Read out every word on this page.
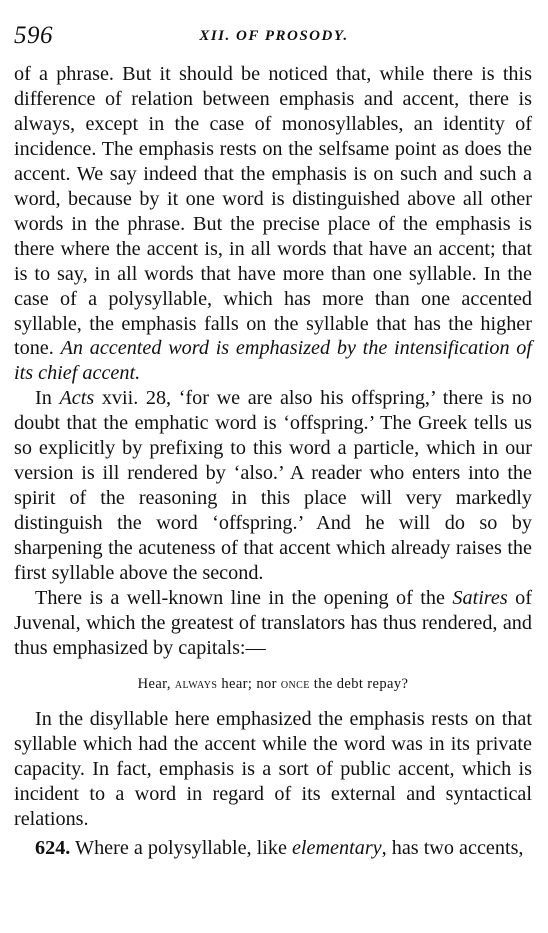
596	XII. OF PROSODY.

of a phrase. But it should be noticed that, while there is this difference of relation between emphasis and accent, there is always, except in the case of monosyllables, an identity of incidence. The emphasis rests on the selfsame point as does the accent. We say indeed that the emphasis is on such and such a word, because by it one word is distinguished above all other words in the phrase. But the precise place of the emphasis is there where the accent is, in all words that have an accent; that is to say, in all words that have more than one syllable. In the case of a polysyllable, which has more than one accented syllable, the emphasis falls on the syllable that has the higher tone. An accented word is emphasized by the intensification of its chief accent.

In Acts xvii. 28, ‘for we are also his offspring,’ there is no doubt that the emphatic word is ‘offspring.’ The Greek tells us so explicitly by prefixing to this word a particle, which in our version is ill rendered by ‘also.’ A reader who enters into the spirit of the reasoning in this place will very markedly distinguish the word ‘offspring.’ And he will do so by sharpening the acuteness of that accent which already raises the first syllable above the second.

There is a well-known line in the opening of the Satires of Juvenal, which the greatest of translators has thus rendered, and thus emphasized by capitals:—

Hear, always hear; nor once the debt repay?

In the disyllable here emphasized the emphasis rests on that syllable which had the accent while the word was in its private capacity. In fact, emphasis is a sort of public accent, which is incident to a word in regard of its external and syntactical relations.

624. Where a polysyllable, like elementary, has two accents,
